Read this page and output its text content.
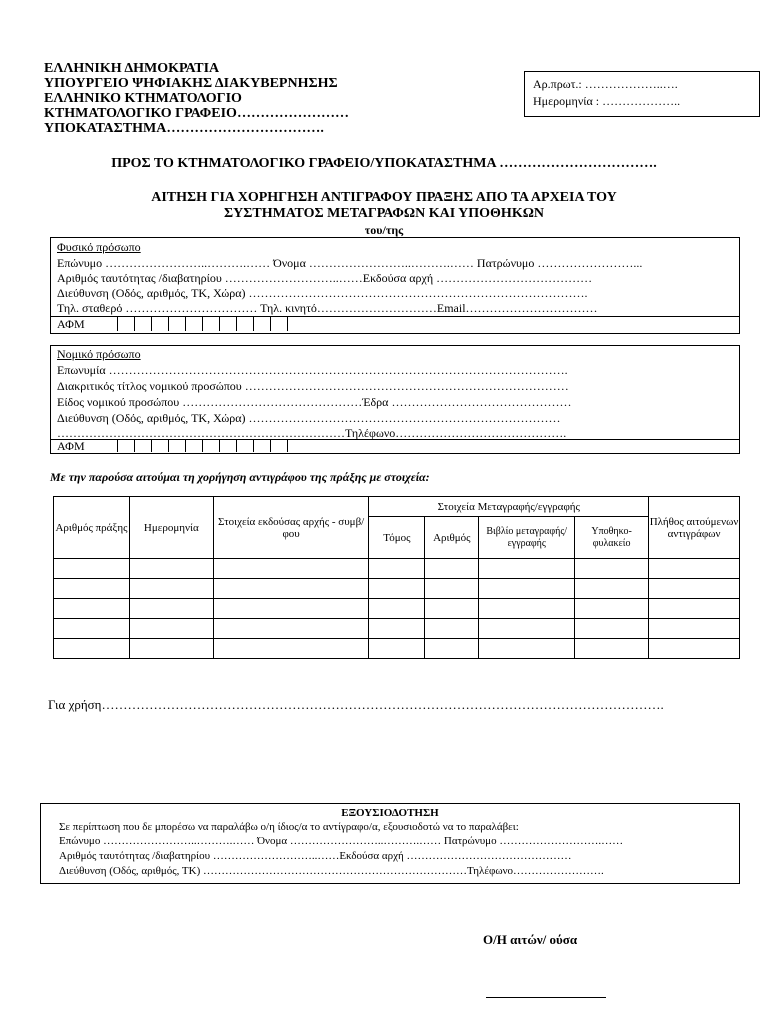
ΕΛΛΗΝΙΚΗ ΔΗΜΟΚΡΑΤΙΑ
ΥΠΟΥΡΓΕΙΟ ΨΗΦΙΑΚΗΣ ΔΙΑΚΥΒΕΡΝΗΣΗΣ
ΕΛΛΗΝΙΚΟ ΚΤΗΜΑΤΟΛΟΓΙΟ
ΚΤΗΜΑΤΟΛΟΓΙΚΟ ΓΡΑΦΕΙΟ……………………
ΥΠΟΚΑΤΑΣΤΗΜΑ…………………………….
Αρ.πρωτ.: ………………..….
Ημερομηνία : ………………..
ΠΡΟΣ ΤΟ ΚΤΗΜΑΤΟΛΟΓΙΚΟ ΓΡΑΦΕΙΟ/ΥΠΟΚΑΤΑΣΤΗΜΑ …………………………….
ΑΙΤΗΣΗ ΓΙΑ ΧΟΡΗΓΗΣΗ ΑΝΤΙΓΡΑΦΟΥ ΠΡΑΞΗΣ ΑΠΟ ΤΑ ΑΡΧΕΙΑ ΤΟΥ
ΣΥΣΤΗΜΑΤΟΣ ΜΕΤΑΓΡΑΦΩΝ ΚΑΙ ΥΠΟΘΗΚΩΝ
του/της
Φυσικό πρόσωπο
Επώνυμο ……………………..……….…… Όνομα ……………………..……….…… Πατρώνυμο ……………………...
Αριθμός ταυτότητας /διαβατηρίου ………………………..……Εκδούσα αρχή …………………………………
Διεύθυνση (Οδός, αριθμός, ΤΚ, Χώρα) ………………………………………………………………………….
Τηλ. σταθερό …………………………… Τηλ. κινητό…………………………Email……………………………
ΑΦΜ
Νομικό πρόσωπο
Επωνυμία …………………………………………………………………………………………………….
Διακριτικός τίτλος νομικού προσώπου ………………………………………………………………………
Είδος νομικού προσώπου ………………………………………Έδρα ………………………………………
Διεύθυνση (Οδός, αριθμός, ΤΚ, Χώρα) ……………………………………………………………………
………………………………………………………………Τηλέφωνο…………………………………….
ΑΦΜ
Με την παρούσα αιτούμαι τη χορήγηση αντιγράφου της πράξης με στοιχεία:
Αριθμός πράξης	Ημερομηνία	Στοιχεία εκδούσας αρχής - συμβ/φου	Στοιχεία Μεταγραφής/εγγραφής				Πλήθος αιτούμενων αντιγράφων
			Τόμος	Αριθμός	Βιβλίο μεταγραφής/ εγγραφής	Υποθηκο- φυλακείο	

Για χρήση………………………………………………………………………………………………………………….
ΕΞΟΥΣΙΟΔΟΤΗΣΗ
Σε περίπτωση που δε μπορέσω να παραλάβω ο/η ίδιος/α το αντίγραφο/α, εξουσιοδοτώ να το παραλάβει:
Επώνυμο ……………………..……….…… Όνομα ……………………..……….…… Πατρώνυμο ……………………….……
Αριθμός ταυτότητας /διαβατηρίου ………………………..……Εκδούσα αρχή ………………………………………
Διεύθυνση (Οδός, αριθμός, ΤΚ) ………………………………………………………………Τηλέφωνο…………………….
Ο/Η αιτών/ ούσα
